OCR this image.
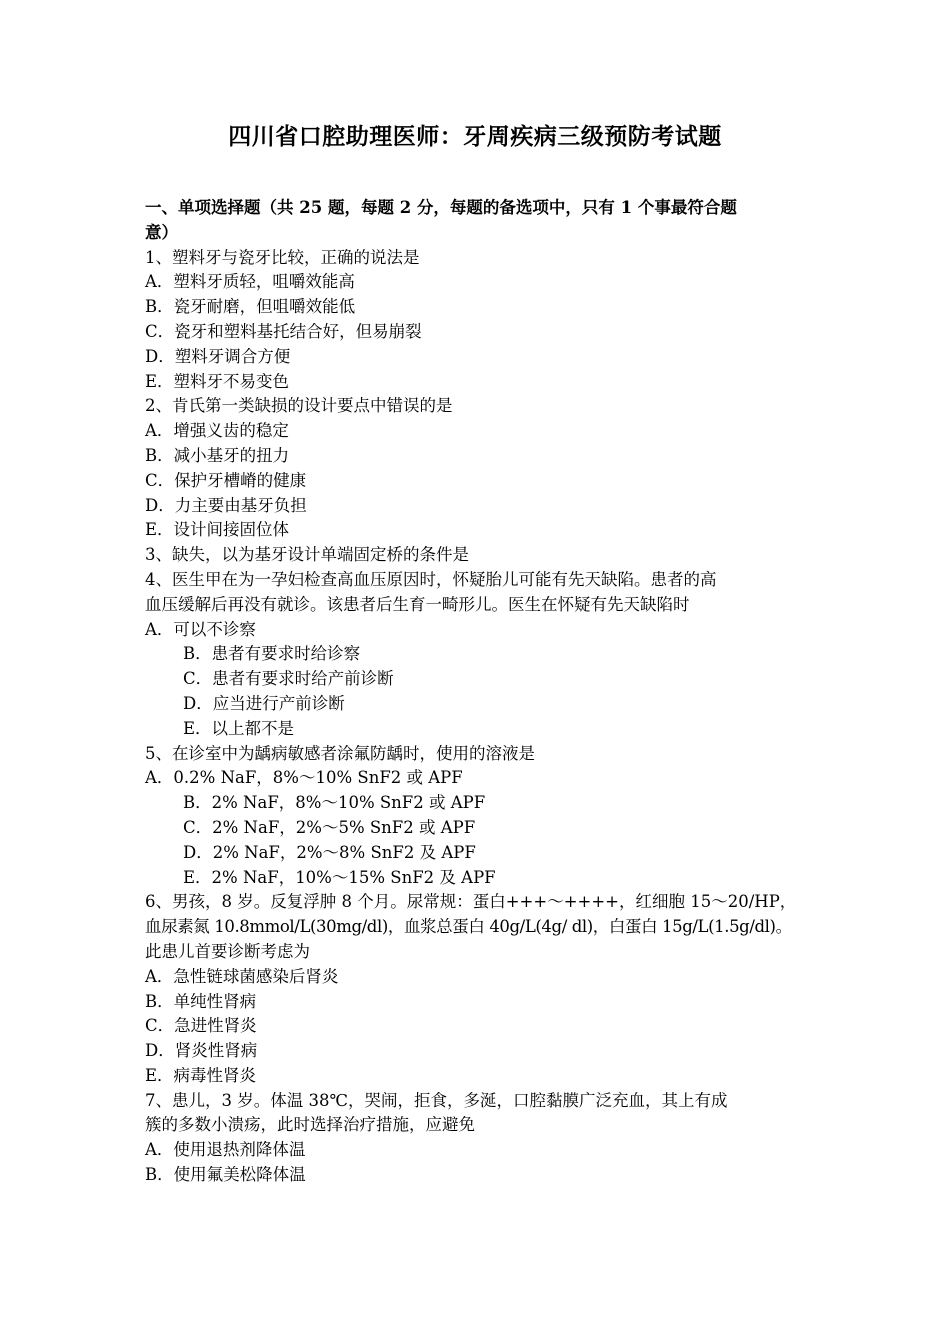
四川省口腔助理医师：牙周疾病三级预防考试题
一、单项选择题（共 25 题，每题 2 分，每题的备选项中，只有 1 个事最符合题
意）
1、塑料牙与瓷牙比较，正确的说法是
A．塑料牙质轻，咀嚼效能高
B．瓷牙耐磨，但咀嚼效能低
C．瓷牙和塑料基托结合好，但易崩裂
D．塑料牙调合方便
E．塑料牙不易变色
2、肯氏第一类缺损的设计要点中错误的是
A．增强义齿的稳定
B．减小基牙的扭力
C．保护牙槽嵴的健康
D．力主要由基牙负担
E．设计间接固位体
3、缺失，以为基牙设计单端固定桥的条件是
4、医生甲在为一孕妇检查高血压原因时，怀疑胎儿可能有先天缺陷。患者的高
血压缓解后再没有就诊。该患者后生育一畸形儿。医生在怀疑有先天缺陷时
A．可以不诊察
B．患者有要求时给诊察
C．患者有要求时给产前诊断
D．应当进行产前诊断
E．以上都不是
5、在诊室中为龋病敏感者涂氟防龋时，使用的溶液是
A．0.2% NaF，8%～10% SnF2 或 APF
B．2% NaF，8%～10% SnF2 或 APF
C．2% NaF，2%～5% SnF2 或 APF
D．2% NaF，2%～8% SnF2 及 APF
E．2% NaF，10%～15% SnF2 及 APF
6、男孩，8 岁。反复浮肿 8 个月。尿常规：蛋白+++～++++，红细胞 15～20/HP，
血尿素氮 10.8mmol/L(30mg/dl)，血浆总蛋白 40g/L(4g/ dl)，白蛋白 15g/L(1.5g/dl)。
此患儿首要诊断考虑为
A．急性链球菌感染后肾炎
B．单纯性肾病
C．急进性肾炎
D．肾炎性肾病
E．病毒性肾炎
7、患儿，3 岁。体温 38℃，哭闹，拒食，多涎，口腔黏膜广泛充血，其上有成
簇的多数小溃疡，此时选择治疗措施，应避免
A．使用退热剂降体温
B．使用氟美松降体温
